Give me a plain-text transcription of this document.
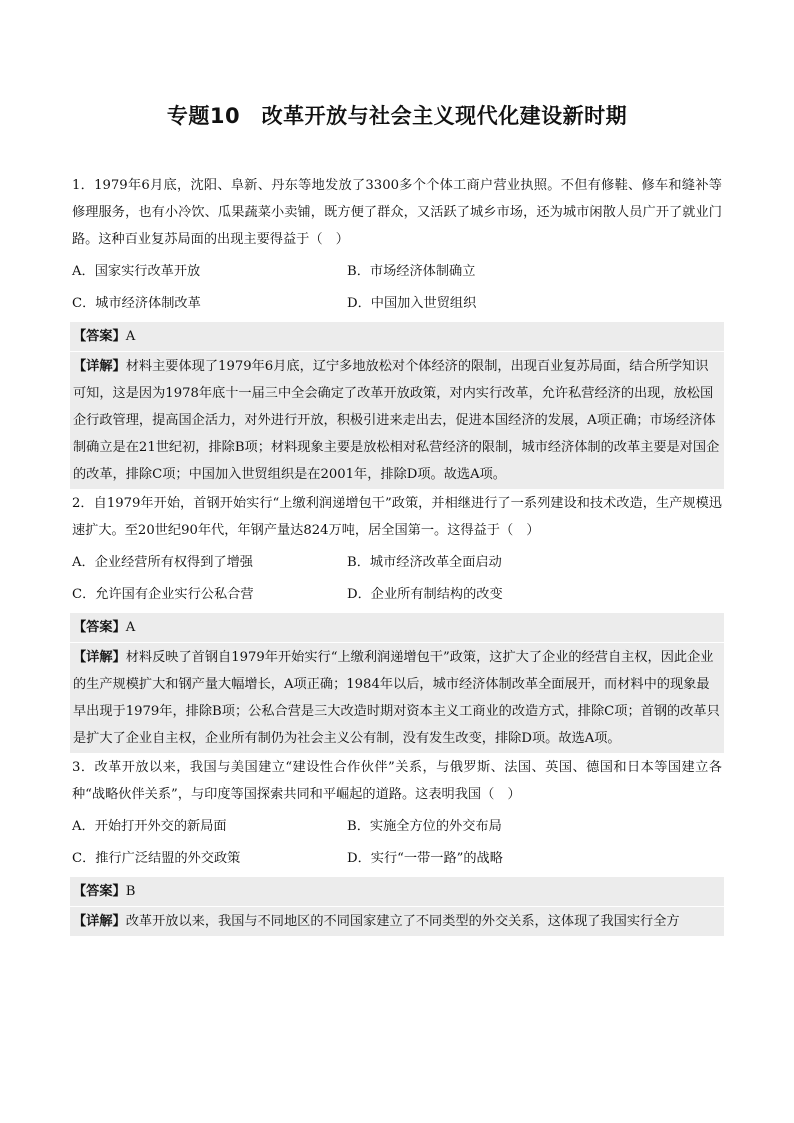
专题10　改革开放与社会主义现代化建设新时期

1．1979年6月底，沈阳、阜新、丹东等地发放了3300多个个体工商户营业执照。不但有修鞋、修车和缝补等修理服务，也有小冷饮、瓜果蔬菜小卖铺，既方便了群众，又活跃了城乡市场，还为城市闲散人员广开了就业门路。这种百业复苏局面的出现主要得益于（　）

A．国家实行改革开放	B．市场经济体制确立
C．城市经济体制改革	D．中国加入世贸组织
【答案】A
【详解】材料主要体现了1979年6月底，辽宁多地放松对个体经济的限制，出现百业复苏局面，结合所学知识可知，这是因为1978年底十一届三中全会确定了改革开放政策，对内实行改革，允许私营经济的出现，放松国企行政管理，提高国企活力，对外进行开放，积极引进来走出去，促进本国经济的发展，A项正确；市场经济体制确立是在21世纪初，排除B项；材料现象主要是放松相对私营经济的限制，城市经济体制的改革主要是对国企的改革，排除C项；中国加入世贸组织是在2001年，排除D项。故选A项。

2．自1979年开始，首钢开始实行“上缴利润递增包干”政策，并相继进行了一系列建设和技术改造，生产规模迅速扩大。至20世纪90年代，年钢产量达824万吨，居全国第一。这得益于（　）

A．企业经营所有权得到了增强	B．城市经济改革全面启动
C．允许国有企业实行公私合营	D．企业所有制结构的改变
【答案】A
【详解】材料反映了首钢自1979年开始实行“上缴利润递增包干”政策，这扩大了企业的经营自主权，因此企业的生产规模扩大和钢产量大幅增长，A项正确；1984年以后，城市经济体制改革全面展开，而材料中的现象最早出现于1979年，排除B项；公私合营是三大改造时期对资本主义工商业的改造方式，排除C项；首钢的改革只是扩大了企业自主权，企业所有制仍为社会主义公有制，没有发生改变，排除D项。故选A项。

3．改革开放以来，我国与美国建立“建设性合作伙伴”关系，与俄罗斯、法国、英国、德国和日本等国建立各种“战略伙伴关系”，与印度等国探索共同和平崛起的道路。这表明我国（　）

A．开始打开外交的新局面	B．实施全方位的外交布局
C．推行广泛结盟的外交政策	D．实行“一带一路”的战略
【答案】B
【详解】改革开放以来，我国与不同地区的不同国家建立了不同类型的外交关系，这体现了我国实行全方
